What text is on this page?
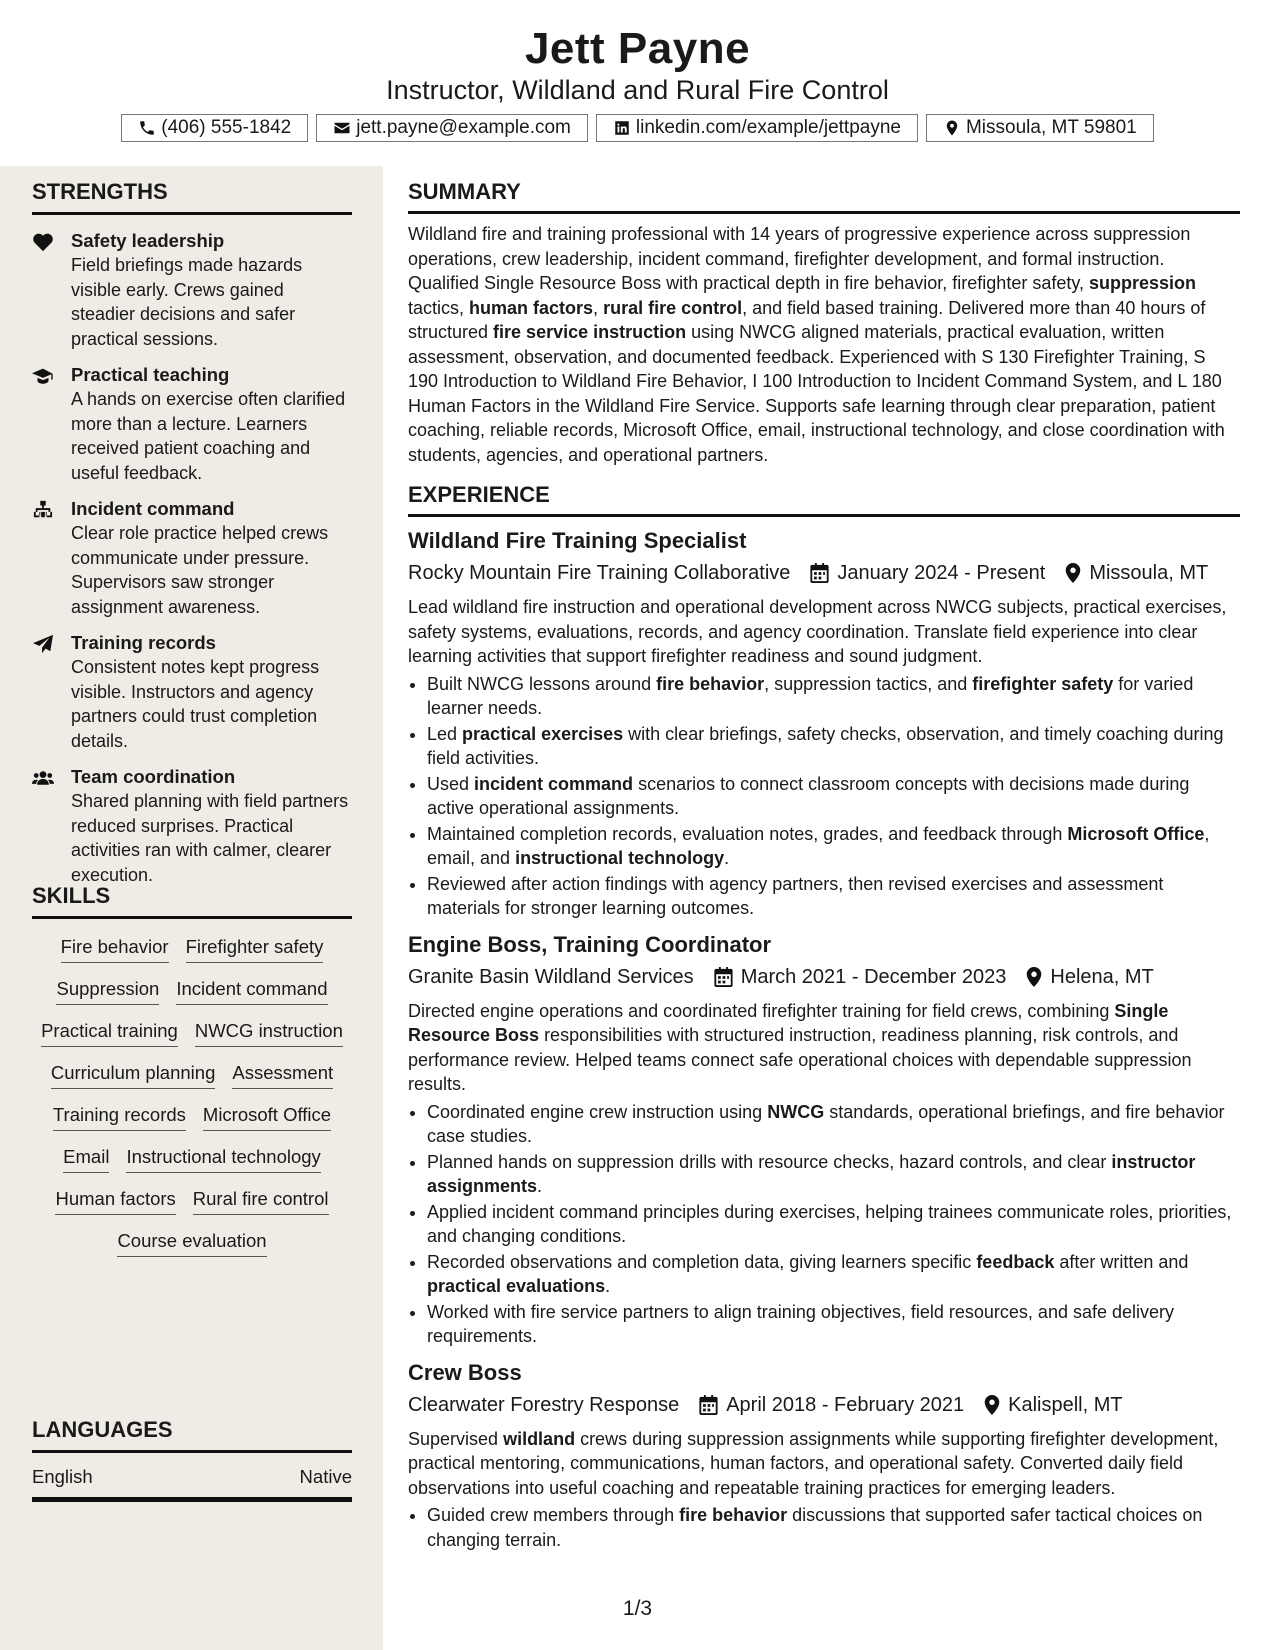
Jett Payne
Instructor, Wildland and Rural Fire Control
(406) 555-1842	jett.payne@example.com	linkedin.com/example/jettpayne	Missoula, MT 59801
STRENGTHS
Safety leadership
Field briefings made hazards visible early. Crews gained steadier decisions and safer practical sessions.
Practical teaching
A hands on exercise often clarified more than a lecture. Learners received patient coaching and useful feedback.
Incident command
Clear role practice helped crews communicate under pressure. Supervisors saw stronger assignment awareness.
Training records
Consistent notes kept progress visible. Instructors and agency partners could trust completion details.
Team coordination
Shared planning with field partners reduced surprises. Practical activities ran with calmer, clearer execution.
SKILLS
Fire behavior Firefighter safety
Suppression Incident command
Practical training NWCG instruction
Curriculum planning Assessment
Training records Microsoft Office
Email Instructional technology
Human factors Rural fire control
Course evaluation
LANGUAGES
English	Native
SUMMARY
Wildland fire and training professional with 14 years of progressive experience across suppression operations, crew leadership, incident command, firefighter development, and formal instruction. Qualified Single Resource Boss with practical depth in fire behavior, firefighter safety, suppression tactics, human factors, rural fire control, and field based training. Delivered more than 40 hours of structured fire service instruction using NWCG aligned materials, practical evaluation, written assessment, observation, and documented feedback. Experienced with S 130 Firefighter Training, S 190 Introduction to Wildland Fire Behavior, I 100 Introduction to Incident Command System, and L 180 Human Factors in the Wildland Fire Service. Supports safe learning through clear preparation, patient coaching, reliable records, Microsoft Office, email, instructional technology, and close coordination with students, agencies, and operational partners.
EXPERIENCE
Wildland Fire Training Specialist
Rocky Mountain Fire Training Collaborative January 2024 - Present Missoula, MT
Lead wildland fire instruction and operational development across NWCG subjects, practical exercises, safety systems, evaluations, records, and agency coordination. Translate field experience into clear learning activities that support firefighter readiness and sound judgment.
• Built NWCG lessons around fire behavior, suppression tactics, and firefighter safety for varied learner needs.
• Led practical exercises with clear briefings, safety checks, observation, and timely coaching during field activities.
• Used incident command scenarios to connect classroom concepts with decisions made during active operational assignments.
• Maintained completion records, evaluation notes, grades, and feedback through Microsoft Office, email, and instructional technology.
• Reviewed after action findings with agency partners, then revised exercises and assessment materials for stronger learning outcomes.
Engine Boss, Training Coordinator
Granite Basin Wildland Services March 2021 - December 2023 Helena, MT
Directed engine operations and coordinated firefighter training for field crews, combining Single Resource Boss responsibilities with structured instruction, readiness planning, risk controls, and performance review. Helped teams connect safe operational choices with dependable suppression results.
• Coordinated engine crew instruction using NWCG standards, operational briefings, and fire behavior case studies.
• Planned hands on suppression drills with resource checks, hazard controls, and clear instructor assignments.
• Applied incident command principles during exercises, helping trainees communicate roles, priorities, and changing conditions.
• Recorded observations and completion data, giving learners specific feedback after written and practical evaluations.
• Worked with fire service partners to align training objectives, field resources, and safe delivery requirements.
Crew Boss
Clearwater Forestry Response April 2018 - February 2021 Kalispell, MT
Supervised wildland crews during suppression assignments while supporting firefighter development, practical mentoring, communications, human factors, and operational safety. Converted daily field observations into useful coaching and repeatable training practices for emerging leaders.
• Guided crew members through fire behavior discussions that supported safer tactical choices on changing terrain.
1/3
